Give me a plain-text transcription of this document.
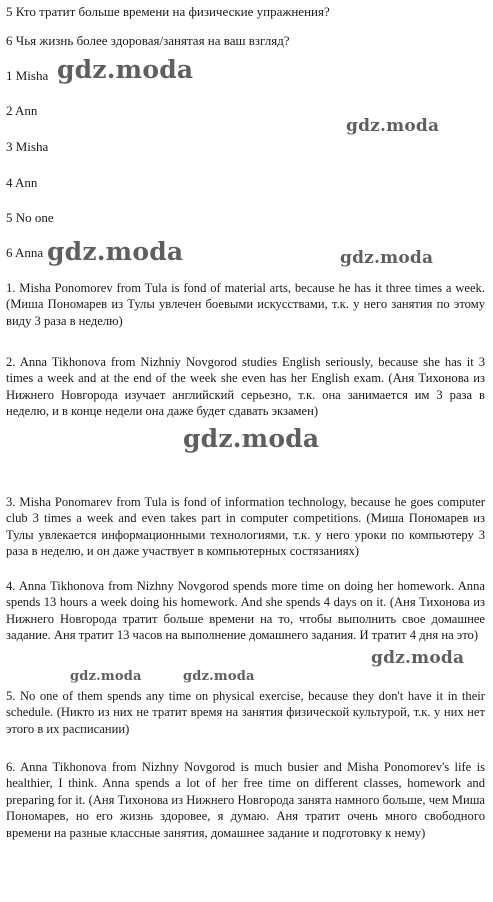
5 Кто тратит больше времени на физические упражнения?
6 Чья жизнь более здоровая/занятая на ваш взгляд?
1 Misha
2 Ann
3 Misha
4 Ann
5 No one
6 Anna
1. Misha Ponomorev from Tula is fond of material arts, because he has it three times a week. (Миша Пономарев из Тулы увлечен боевыми искусствами, т.к. у него занятия по этому виду 3 раза в неделю)
2. Anna Tikhonova from Nizhniy Novgorod studies English seriously, because she has it 3 times a week and at the end of the week she even has her English exam. (Аня Тихонова из Нижнего Новгорода изучает английский серьезно, т.к. она занимается им 3 раза в неделю, и в конце недели она даже будет сдавать экзамен)
3. Misha Ponomarev from Tula is fond of information technology, because he goes computer club 3 times a week and even takes part in computer competitions. (Миша Пономарев из Тулы увлекается информационными технологиями, т.к. у него уроки по компьютеру 3 раза в неделю, и он даже участвует в компьютерных состязаниях)
4. Anna Tikhonova from Nizhny Novgorod spends more time on doing her homework. Anna spends 13 hours a week doing his homework. And she spends 4 days on it. (Аня Тихонова из Нижнего Новгорода тратит больше времени на то, чтобы выполнить свое домашнее задание. Аня тратит 13 часов на выполнение домашнего задания. И тратит 4 дня на это)
5. No one of them spends any time on physical exercise, because they don't have it in their schedule. (Никто из них не тратит время на занятия физической культурой, т.к. у них нет этого в их расписании)
6. Anna Tikhonova from Nizhny Novgorod is much busier and Misha Ponomorev's life is healthier, I think. Anna spends a lot of her free time on different classes, homework and preparing for it. (Аня Тихонова из Нижнего Новгорода занята намного больше, чем Миша Пономарев, но его жизнь здоровее, я думаю. Аня тратит очень много свободного времени на разные классные занятия, домашнее задание и подготовку к нему)
gdz.moda
gdz.moda
gdz.moda	gdz.moda
gdz.moda
gdz.moda
gdz.moda	gdz.moda
